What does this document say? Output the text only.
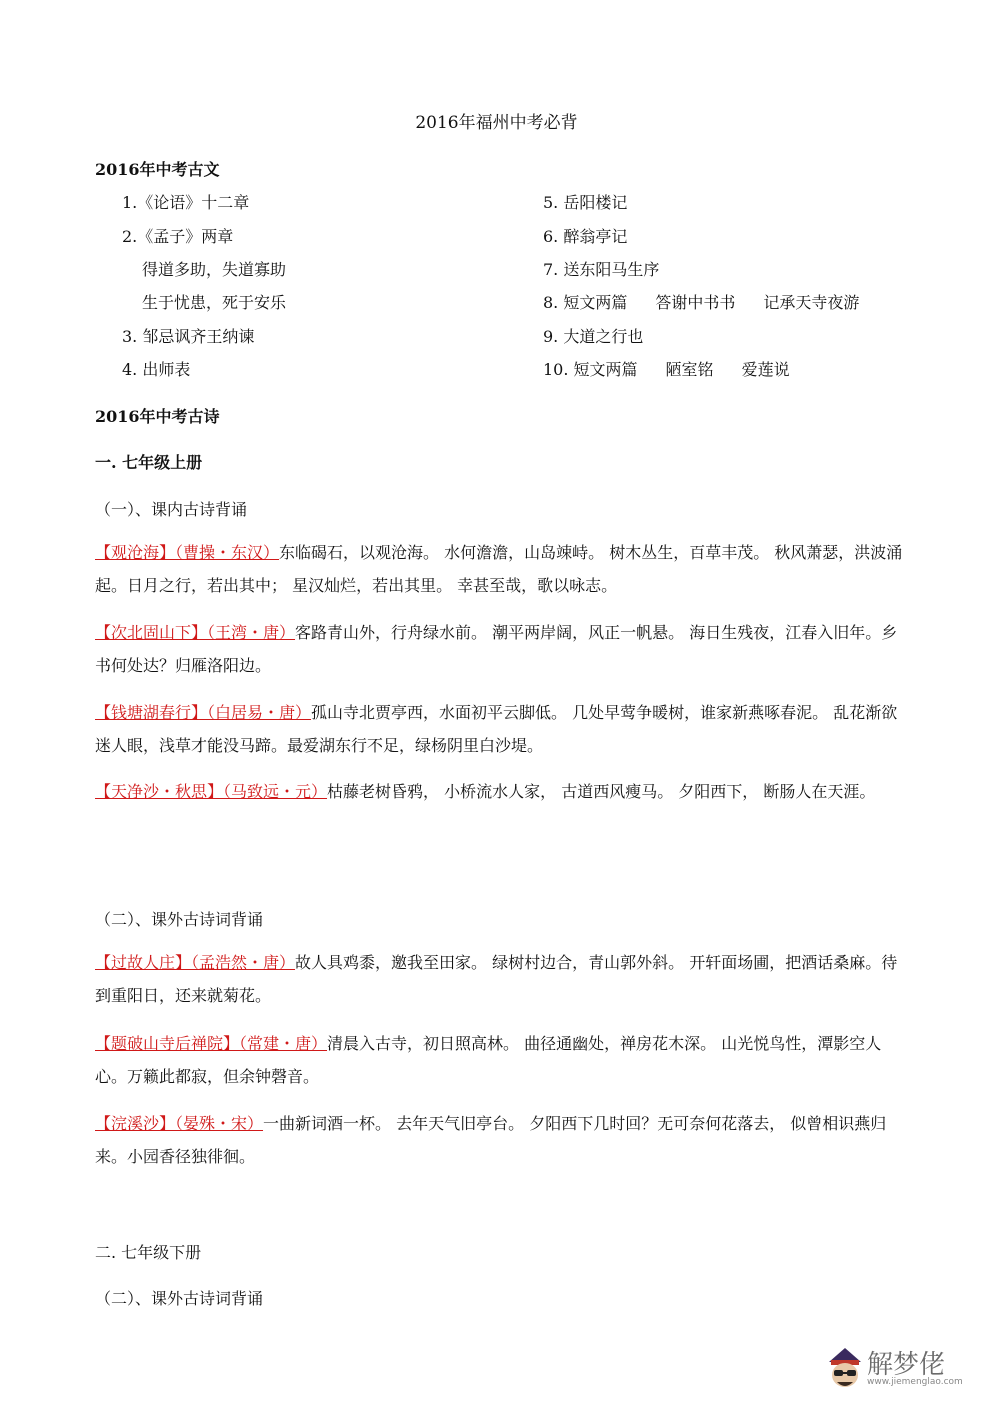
2016年福州中考必背
2016年中考古文
1.《论语》十二章
2.《孟子》两章
得道多助，失道寡助
生于忧患，死于安乐
3. 邹忌讽齐王纳谏
4. 出师表
5. 岳阳楼记
6. 醉翁亭记
7. 送东阳马生序
8. 短文两篇 答谢中书书 记承天寺夜游
9. 大道之行也
10. 短文两篇 陋室铭 爱莲说
2016年中考古诗
一. 七年级上册
（一）、课内古诗背诵
【观沧海】（曹操・东汉）东临碣石，以观沧海。 水何澹澹，山岛竦峙。 树木丛生，百草丰茂。 秋风萧瑟，洪波涌起。日月之行，若出其中； 星汉灿烂，若出其里。 幸甚至哉，歌以咏志。
【次北固山下】（王湾・唐）客路青山外，行舟绿水前。 潮平两岸阔，风正一帆悬。 海日生残夜，江春入旧年。乡书何处达？归雁洛阳边。
【钱塘湖春行】（白居易・唐）孤山寺北贾亭西，水面初平云脚低。 几处早莺争暖树，谁家新燕啄春泥。 乱花渐欲迷人眼，浅草才能没马蹄。最爱湖东行不足，绿杨阴里白沙堤。
【天净沙・秋思】（马致远・元）枯藤老树昏鸦， 小桥流水人家， 古道西风瘦马。 夕阳西下， 断肠人在天涯。
（二）、课外古诗词背诵
【过故人庄】（孟浩然・唐）故人具鸡黍，邀我至田家。 绿树村边合，青山郭外斜。 开轩面场圃，把酒话桑麻。待到重阳日，还来就菊花。
【题破山寺后禅院】（常建・唐）清晨入古寺，初日照高林。 曲径通幽处，禅房花木深。 山光悦鸟性，潭影空人心。万籁此都寂，但余钟磬音。
【浣溪沙】（晏殊・宋）一曲新词酒一杯。 去年天气旧亭台。 夕阳西下几时回？无可奈何花落去， 似曾相识燕归来。小园香径独徘徊。
二. 七年级下册
（二）、课外古诗词背诵
解梦佬
www.jiemenglao.com
